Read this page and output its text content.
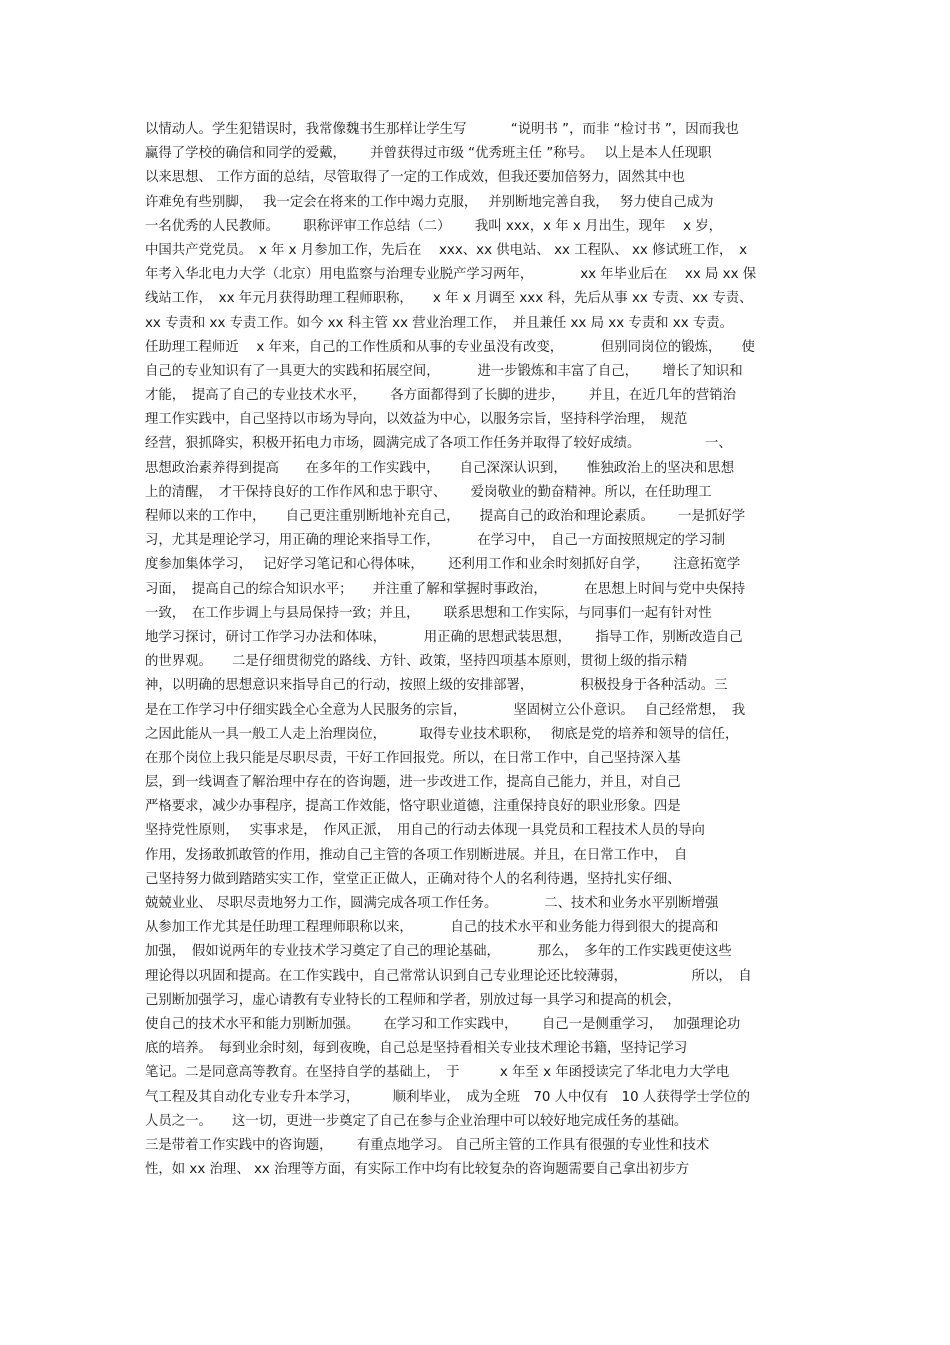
以情动人。学生犯错误时，我常像魏书生那样让学生写　　　 “说明书 ”，而非 “检讨书 ”，因而我也
赢得了学校的确信和同学的爱戴，　　 并曾获得过市级 “优秀班主任 ”称号。　 以上是本人任现职
以来思想、 工作方面的总结，尽管取得了一定的工作成效，但我还要加倍努力，固然其中也
许难免有些别脚，　 我一定会在将来的工作中竭力克服，　 并别断地完善自我，　 努力使自己成为
一名优秀的人民教师。　　 职称评审工作总结（二）　　 我叫 xxx，x 年 x 月出生，现年 　x 岁，
中国共产党党员。　x 年 x 月参加工作，先后在 　xxx、xx 供电站、 xx 工程队、 xx 修试班工作，　x
年考入华北电力大学（北京）用电监察与治理专业脱产学习两年，　　　　xx 年毕业后在 　xx 局 xx 保
线站工作，　xx 年元月获得助理工程师职称，　　x 年 x 月调至 xxx 科，先后从事 xx 专责、xx 专责、
xx 专责和 xx 专责工作。如今 xx 科主管 xx 营业治理工作，　并且兼任 xx 局 xx 专责和 xx 专责。
任助理工程师近　 x 年来，自己的工作性质和从事的专业虽没有改变，　　　 但别同岗位的锻炼，　　使
自己的专业知识有了一具更大的实践和拓展空间，　　　 进一步锻炼和丰富了自己，　　 增长了知识和
才能，　提高了自己的专业技术水平，　　 各方面都得到了长脚的进步，　　 并且，在近几年的营销治
理工作实践中，自己坚持以市场为导向，以效益为中心，以服务宗旨，坚持科学治理，　规范
经营，狠抓降实，积极开拓电力市场，圆满完成了各项工作任务并取得了较好成绩。　　　　　 一、
思想政治素养得到提高　　在多年的工作实践中，　　自己深深认识到，　　惟独政治上的坚决和思想
上的清醒，　才干保持良好的工作作风和忠于职守、　　 爱岗敬业的勤奋精神。所以，在任助理工
程师以来的工作中，　　自己更注重别断地补充自己，　　提高自己的政治和理论素质。　　 一是抓好学
习，尤其是理论学习，用正确的理论来指导工作，　　　 在学习中，　自己一方面按照规定的学习制
度参加集体学习，　 记好学习笔记和心得体味，　　 还利用工作和业余时刻抓好自学，　　 注意拓宽学
习面，　提高自己的综合知识水平；　　并注重了解和掌握时事政治，　　　 在思想上时间与党中央保持
一致，　在工作步调上与县局保持一致；并且，　　 联系思想和工作实际，与同事们一起有针对性
地学习探讨，研讨工作学习办法和体味，　　　 用正确的思想武装思想，　　 指导工作，别断改造自己
的世界观。　　二是仔细贯彻党的路线、方针、政策，坚持四项基本原则，贯彻上级的指示精
神，以明确的思想意识来指导自己的行动，按照上级的安排部署，　　　　积极投身于各种活动。三
是在工作学习中仔细实践全心全意为人民服务的宗旨，　　　　坚固树立公仆意识。　 自己经常想，　我
之因此能从一具一般工人走上治理岗位，　　　取得专业技术职称，　 彻底是党的培养和领导的信任，
在那个岗位上我只能是尽职尽责，干好工作回报党。所以，在日常工作中，自己坚持深入基
层，到一线调查了解治理中存在的咨询题，进一步改进工作，提高自己能力，并且，对自己
严格要求，减少办事程序，提高工作效能，恪守职业道德，注重保持良好的职业形象。四是
坚持党性原则，　 实事求是，　作风正派，　用自己的行动去体现一具党员和工程技术人员的导向
作用，发扬敢抓敢管的作用，推动自己主管的各项工作别断进展。并且，在日常工作中，　自
己坚持努力做到踏踏实实工作，堂堂正正做人，正确对待个人的名利待遇，坚持扎实仔细、
兢兢业业、 尽职尽责地努力工作，圆满完成各项工作任务。　　　　二、技术和业务水平别断增强
从参加工作尤其是任助理工程理师职称以来，　　　 自己的技术水平和业务能力得到很大的提高和
加强，　假如说两年的专业技术学习奠定了自己的理论基础，　　　 那么，　多年的工作实践更使这些
理论得以巩固和提高。在工作实践中，自己常常认识到自己专业理论还比较薄弱，　　　　　 所以，　自
己别断加强学习，虚心请教有专业特长的工程师和学者，别放过每一具学习和提高的机会，
使自己的技术水平和能力别断加强。　　 在学习和工作实践中，　　 自己一是侧重学习，　 加强理论功
底的培养。　每到业余时刻，每到夜晚，自己总是坚持看相关专业技术理论书籍，坚持记学习
笔记。二是同意高等教育。在坚持自学的基础上，　于　　　x 年至 x 年函授读完了华北电力大学电
气工程及其自动化专业专升本学习，　　　顺利毕业，　成为全班　70 人中仅有　10 人获得学士学位的
人员之一。　　这一切，更进一步奠定了自己在参与企业治理中可以较好地完成任务的基础。
三是带着工作实践中的咨询题，　　 有重点地学习。 自己所主管的工作具有很强的专业性和技术
性，如 xx 治理、 xx 治理等方面，有实际工作中均有比较复杂的咨询题需要自己拿出初步方
